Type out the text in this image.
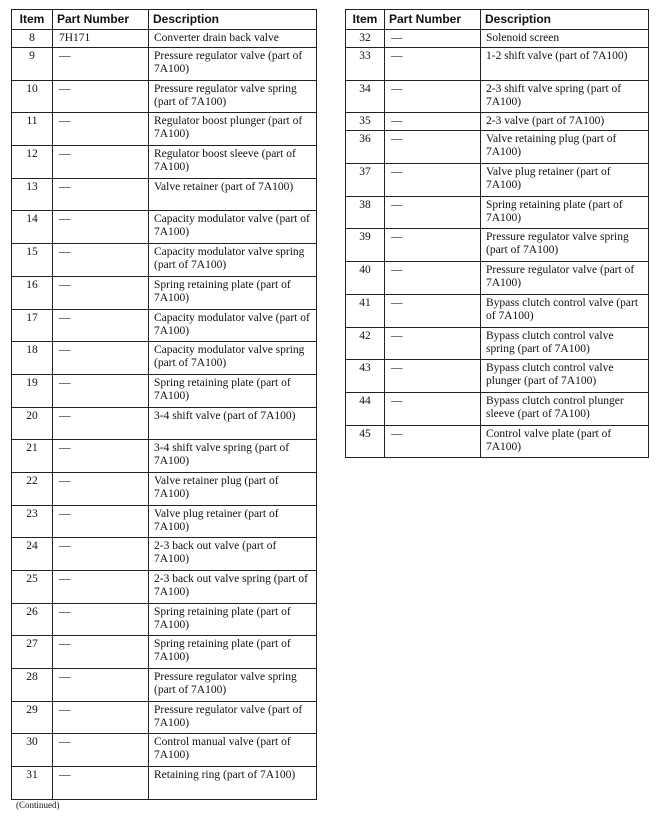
Item	Part Number	Description
8	7H171	Converter drain back valve
9	—	Pressure regulator valve (part of 7A100)
10	—	Pressure regulator valve spring (part of 7A100)
11	—	Regulator boost plunger (part of 7A100)
12	—	Regulator boost sleeve (part of 7A100)
13	—	Valve retainer (part of 7A100)
14	—	Capacity modulator valve (part of 7A100)
15	—	Capacity modulator valve spring (part of 7A100)
16	—	Spring retaining plate (part of 7A100)
17	—	Capacity modulator valve (part of 7A100)
18	—	Capacity modulator valve spring (part of 7A100)
19	—	Spring retaining plate (part of 7A100)
20	—	3-4 shift valve (part of 7A100)
21	—	3-4 shift valve spring (part of 7A100)
22	—	Valve retainer plug (part of 7A100)
23	—	Valve plug retainer (part of 7A100)
24	—	2-3 back out valve (part of 7A100)
25	—	2-3 back out valve spring (part of 7A100)
26	—	Spring retaining plate (part of 7A100)
27	—	Spring retaining plate (part of 7A100)
28	—	Pressure regulator valve spring (part of 7A100)
29	—	Pressure regulator valve (part of 7A100)
30	—	Control manual valve (part of 7A100)
31	—	Retaining ring (part of 7A100)
Item	Part Number	Description
32	—	Solenoid screen
33	—	1-2 shift valve (part of 7A100)
34	—	2-3 shift valve spring (part of 7A100)
35	—	2-3 valve (part of 7A100)
36	—	Valve retaining plug (part of 7A100)
37	—	Valve plug retainer (part of 7A100)
38	—	Spring retaining plate (part of 7A100)
39	—	Pressure regulator valve spring (part of 7A100)
40	—	Pressure regulator valve (part of 7A100)
41	—	Bypass clutch control valve (part of 7A100)
42	—	Bypass clutch control valve spring (part of 7A100)
43	—	Bypass clutch control valve plunger (part of 7A100)
44	—	Bypass clutch control plunger sleeve (part of 7A100)
45	—	Control valve plate (part of 7A100)
(Continued)
